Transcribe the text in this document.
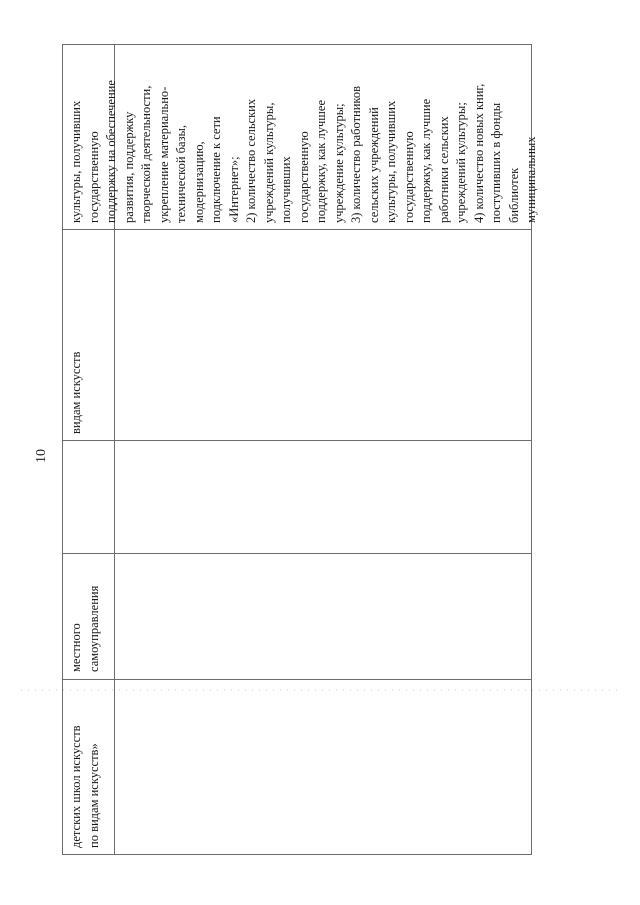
10
детских школ искусств по видам искусств»
местного самоуправления
видам искусств
культуры, получивших государственную поддержку на обеспечение развития, поддержку творческой деятельности, укрепление материально- технической базы, модернизацию, подключение к сети «Интернет»; 2) количество сельских учреждений культуры, получивших государственную поддержку, как лучшее учреждение культуры; 3) количество работников сельских учреждений культуры, получивших государственную поддержку, как лучшие работники сельских учреждений культуры; 4) количество новых книг, поступивших в фонды библиотек муниципальных
